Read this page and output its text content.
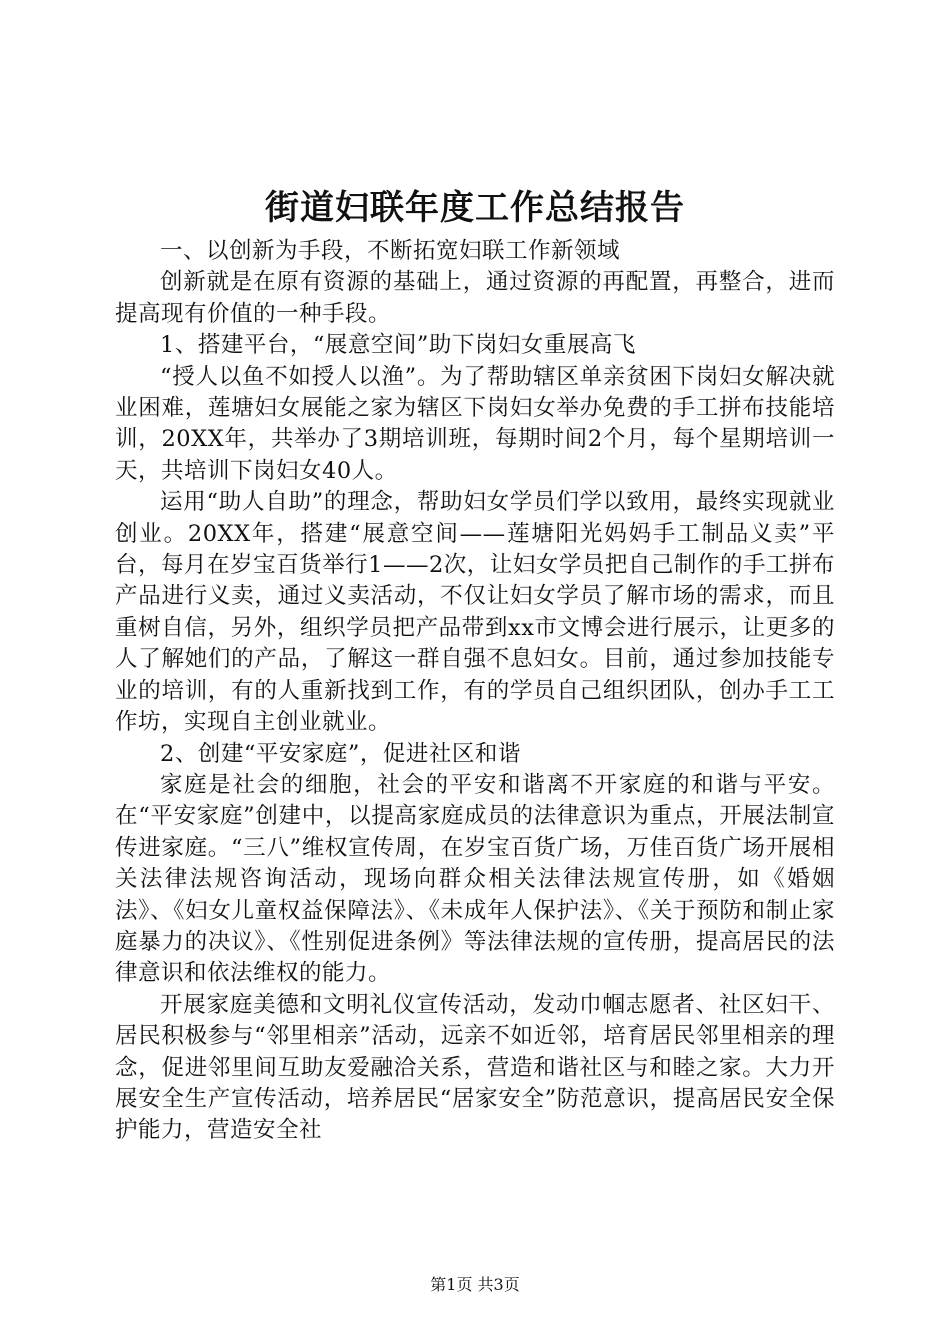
街道妇联年度工作总结报告

一、以创新为手段，不断拓宽妇联工作新领域

创新就是在原有资源的基础上，通过资源的再配置，再整合，进而提高现有价值的一种手段。

1、搭建平台，“展意空间”助下岗妇女重展高飞

“授人以鱼不如授人以渔”。为了帮助辖区单亲贫困下岗妇女解决就业困难，莲塘妇女展能之家为辖区下岗妇女举办免费的手工拼布技能培训，20XX年，共举办了3期培训班，每期时间2个月，每个星期培训一天，共培训下岗妇女40人。

运用“助人自助”的理念，帮助妇女学员们学以致用，最终实现就业创业。20XX年，搭建“展意空间——莲塘阳光妈妈手工制品义卖”平台，每月在岁宝百货举行1——2次，让妇女学员把自己制作的手工拼布产品进行义卖，通过义卖活动，不仅让妇女学员了解市场的需求，而且重树自信，另外，组织学员把产品带到xx市文博会进行展示，让更多的人了解她们的产品，了解这一群自强不息妇女。目前，通过参加技能专业的培训，有的人重新找到工作，有的学员自己组织团队，创办手工工作坊，实现自主创业就业。

2、创建“平安家庭”，促进社区和谐

家庭是社会的细胞，社会的平安和谐离不开家庭的和谐与平安。在“平安家庭”创建中，以提高家庭成员的法律意识为重点，开展法制宣传进家庭。“三八”维权宣传周，在岁宝百货广场，万佳百货广场开展相关法律法规咨询活动，现场向群众相关法律法规宣传册，如《婚姻法》、《妇女儿童权益保障法》、《未成年人保护法》、《关于预防和制止家庭暴力的决议》、《性别促进条例》等法律法规的宣传册，提高居民的法律意识和依法维权的能力。

开展家庭美德和文明礼仪宣传活动，发动巾帼志愿者、社区妇干、居民积极参与“邻里相亲”活动，远亲不如近邻，培育居民邻里相亲的理念，促进邻里间互助友爱融洽关系，营造和谐社区与和睦之家。大力开展安全生产宣传活动，培养居民“居家安全”防范意识，提高居民安全保护能力，营造安全社

第1页 共3页
